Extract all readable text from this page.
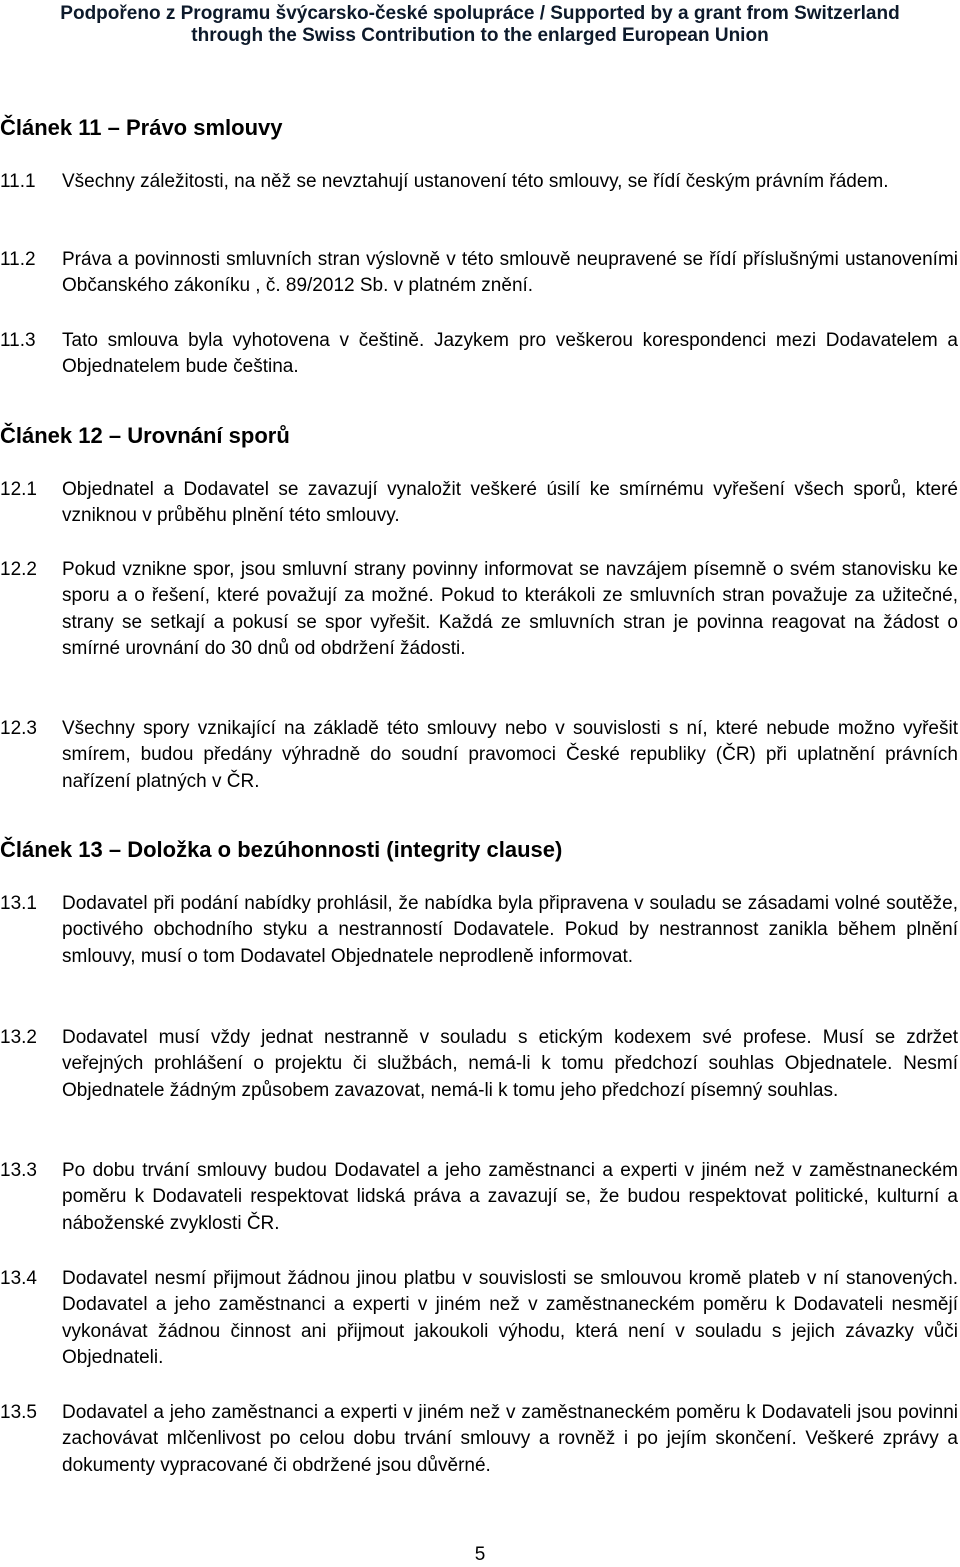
Podpořeno z Programu švýcarsko-české spolupráce / Supported by a grant from Switzerland
through the Swiss Contribution to the enlarged European Union
Článek 11 – Právo smlouvy
11.1 Všechny záležitosti, na něž se nevztahují ustanovení této smlouvy, se řídí českým právním řádem.
11.2 Práva a povinnosti smluvních stran výslovně v této smlouvě neupravené se řídí příslušnými ustanoveními Občanského zákoníku , č. 89/2012 Sb. v platném znění.
11.3 Tato smlouva byla vyhotovena v češtině. Jazykem pro veškerou korespondenci mezi Dodavatelem a Objednatelem bude čeština.
Článek 12 – Urovnání sporů
12.1 Objednatel a Dodavatel se zavazují vynaložit veškeré úsilí ke smírnému vyřešení všech sporů, které vzniknou v průběhu plnění této smlouvy.
12.2 Pokud vznikne spor, jsou smluvní strany povinny informovat se navzájem písemně o svém stanovisku ke sporu a o řešení, které považují za možné. Pokud to kterákoli ze smluvních stran považuje za užitečné, strany se setkají a pokusí se spor vyřešit. Každá ze smluvních stran je povinna reagovat na žádost o smírné urovnání do 30 dnů od obdržení žádosti.
12.3 Všechny spory vznikající na základě této smlouvy nebo v souvislosti s ní, které nebude možno vyřešit smírem, budou předány výhradně do soudní pravomoci České republiky (ČR) při uplatnění právních nařízení platných v ČR.
Článek 13 – Doložka o bezúhonnosti (integrity clause)
13.1 Dodavatel při podání nabídky prohlásil, že nabídka byla připravena v souladu se zásadami volné soutěže, poctivého obchodního styku a nestranností Dodavatele. Pokud by nestrannost zanikla během plnění smlouvy, musí o tom Dodavatel Objednatele neprodleně informovat.
13.2 Dodavatel musí vždy jednat nestranně v souladu s etickým kodexem své profese. Musí se zdržet veřejných prohlášení o projektu či službách, nemá-li k tomu předchozí souhlas Objednatele. Nesmí Objednatele žádným způsobem zavazovat, nemá-li k tomu jeho předchozí písemný souhlas.
13.3 Po dobu trvání smlouvy budou Dodavatel a jeho zaměstnanci a experti v jiném než v zaměstnaneckém poměru k Dodavateli respektovat lidská práva a zavazují se, že budou respektovat politické, kulturní a náboženské zvyklosti ČR.
13.4 Dodavatel nesmí přijmout žádnou jinou platbu v souvislosti se smlouvou kromě plateb v ní stanovených. Dodavatel a jeho zaměstnanci a experti v jiném než v zaměstnaneckém poměru k Dodavateli nesmějí vykonávat žádnou činnost ani přijmout jakoukoli výhodu, která není v souladu s jejich závazky vůči Objednateli.
13.5 Dodavatel a jeho zaměstnanci a experti v jiném než v zaměstnaneckém poměru k Dodavateli jsou povinni zachovávat mlčenlivost po celou dobu trvání smlouvy a rovněž i po jejím skončení. Veškeré zprávy a dokumenty vypracované či obdržené jsou důvěrné.
5
